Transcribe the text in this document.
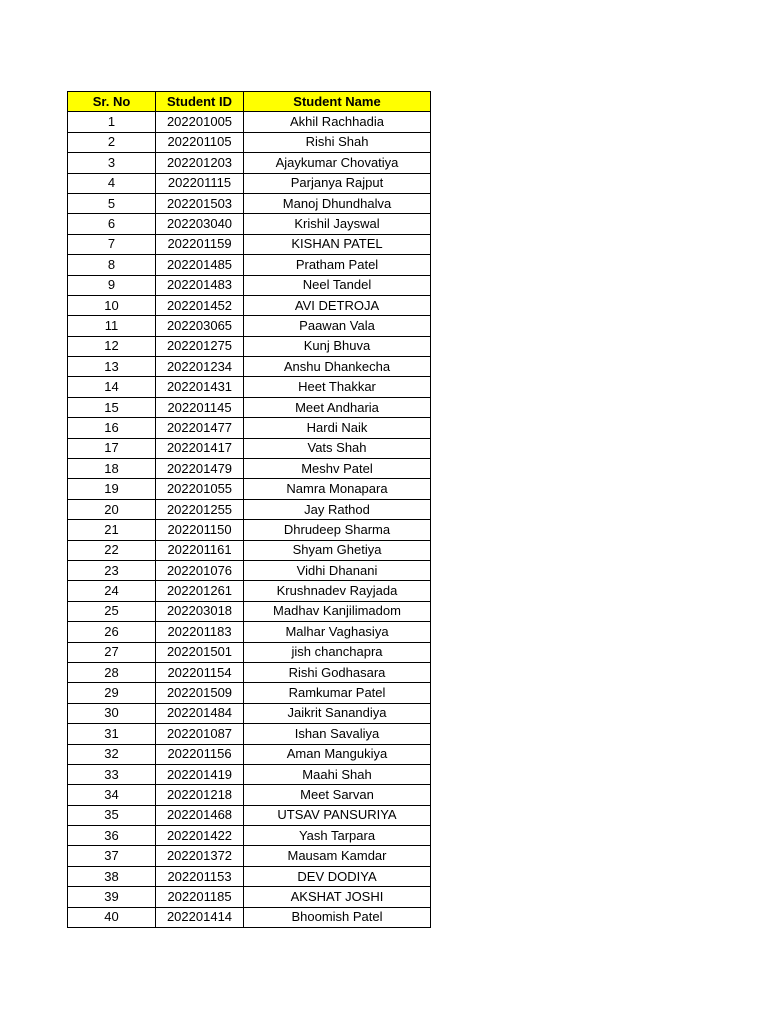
Sr. No	Student ID	Student Name
1	202201005	Akhil Rachhadia
2	202201105	Rishi Shah
3	202201203	Ajaykumar Chovatiya
4	202201115	Parjanya Rajput
5	202201503	Manoj Dhundhalva
6	202203040	Krishil Jayswal
7	202201159	KISHAN PATEL
8	202201485	Pratham Patel
9	202201483	Neel Tandel
10	202201452	AVI DETROJA
11	202203065	Paawan Vala
12	202201275	Kunj Bhuva
13	202201234	Anshu Dhankecha
14	202201431	Heet Thakkar
15	202201145	Meet Andharia
16	202201477	Hardi Naik
17	202201417	Vats Shah
18	202201479	Meshv Patel
19	202201055	Namra Monapara
20	202201255	Jay Rathod
21	202201150	Dhrudeep Sharma
22	202201161	Shyam Ghetiya
23	202201076	Vidhi Dhanani
24	202201261	Krushnadev Rayjada
25	202203018	Madhav Kanjilimadom
26	202201183	Malhar Vaghasiya
27	202201501	jish chanchapra
28	202201154	Rishi Godhasara
29	202201509	Ramkumar Patel
30	202201484	Jaikrit Sanandiya
31	202201087	Ishan Savaliya
32	202201156	Aman Mangukiya
33	202201419	Maahi Shah
34	202201218	Meet Sarvan
35	202201468	UTSAV PANSURIYA
36	202201422	Yash Tarpara
37	202201372	Mausam Kamdar
38	202201153	DEV DODIYA
39	202201185	AKSHAT JOSHI
40	202201414	Bhoomish Patel
